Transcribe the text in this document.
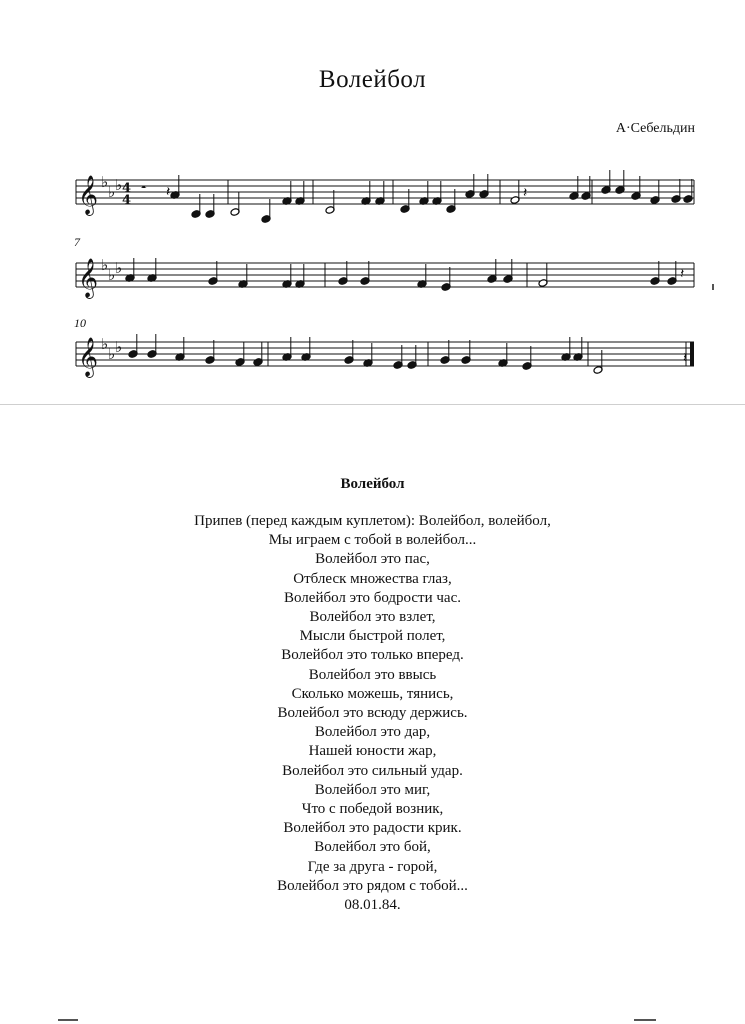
Волейбол
А·Себельдин
7
10
𝄞
𝄞
𝄞
♭
♭ ♭
♭
♭ ♭
♭
♭ ♭
4
4
𝄽	𝄽
𝄽
𝄽
𝄼
Волейбол
Припев (перед каждым куплетом): Волейбол, волейбол,
Мы играем с тобой в волейбол...
Волейбол это пас,
Отблеск множества глаз,
Волейбол это бодрости час.
Волейбол это взлет,
Мысли быстрой полет,
Волейбол это только вперед.
Волейбол это ввысь
Сколько можешь, тянись,
Волейбол это всюду держись.
Волейбол это дар,
Нашей юности жар,
Волейбол это сильный удар.
Волейбол это миг,
Что с победой возник,
Волейбол это радости крик.
Волейбол это бой,
Где за друга - горой,
Волейбол это рядом с тобой...
08.01.84.
